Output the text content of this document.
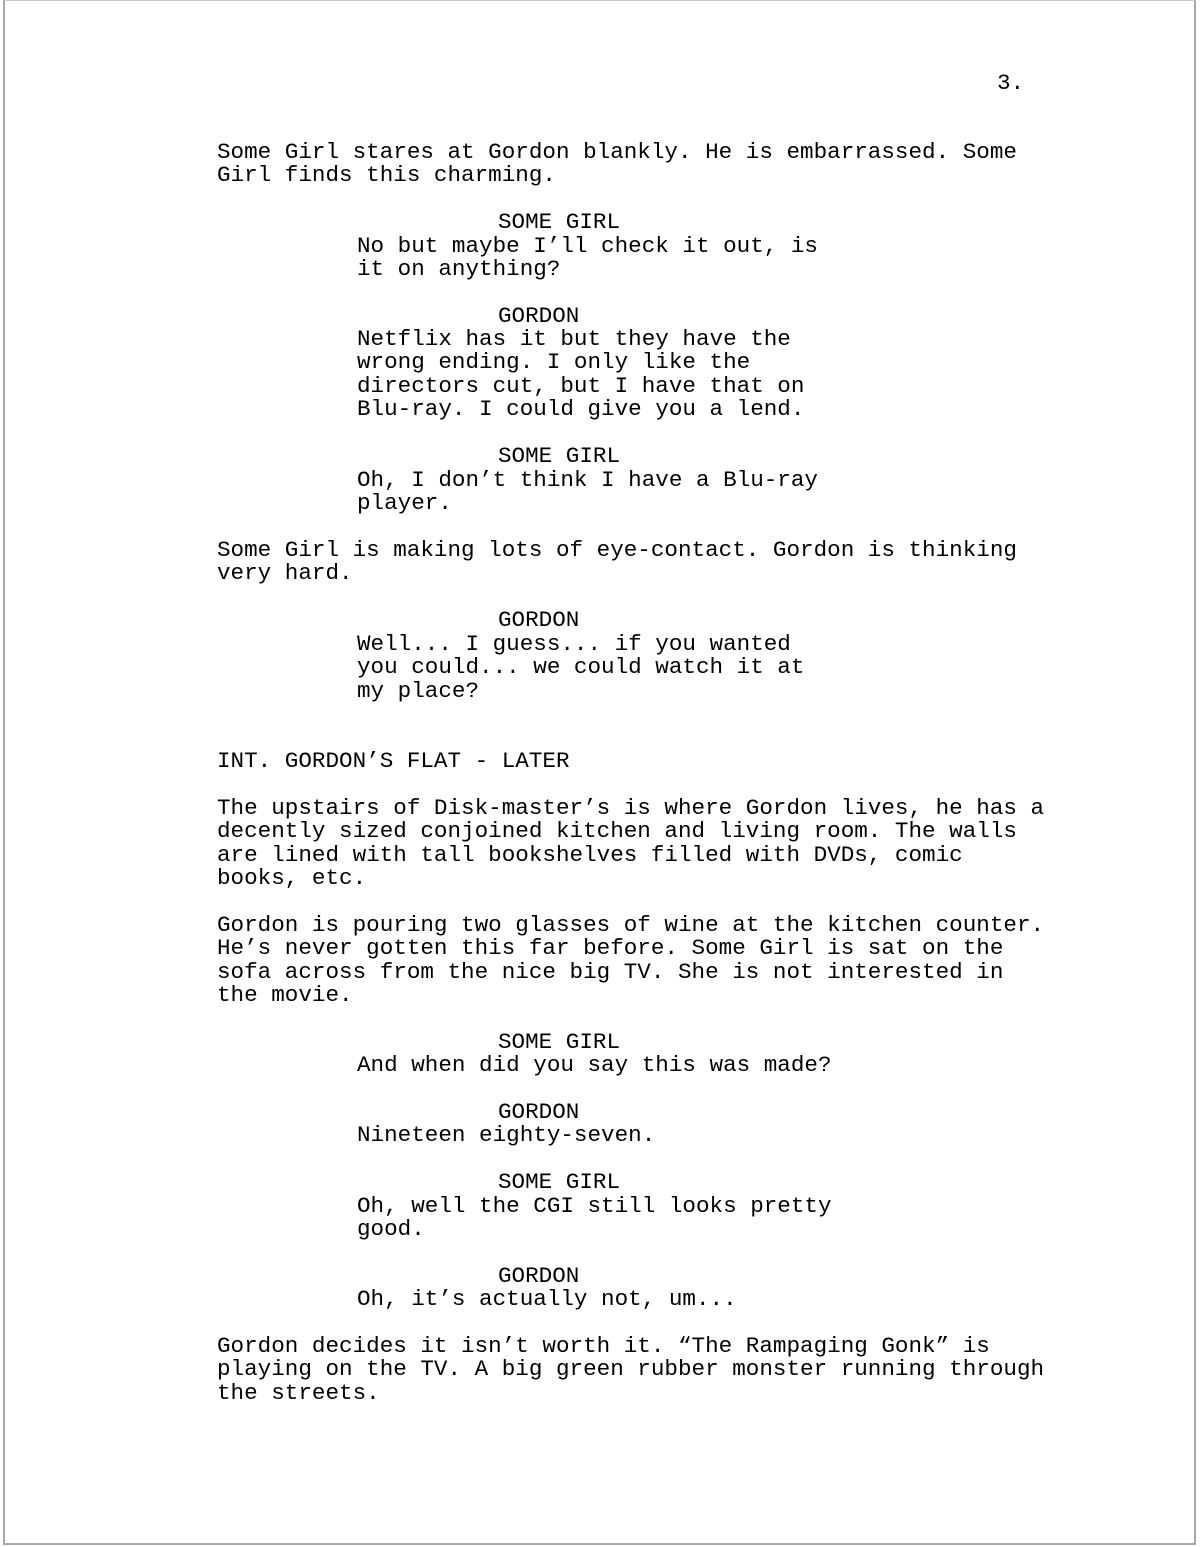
3.
Some Girl stares at Gordon blankly. He is embarrassed. Some
Girl finds this charming.
SOME GIRL
No but maybe I’ll check it out, is
it on anything?
GORDON
Netflix has it but they have the
wrong ending. I only like the
directors cut, but I have that on
Blu-ray. I could give you a lend.
SOME GIRL
Oh, I don’t think I have a Blu-ray
player.
Some Girl is making lots of eye-contact. Gordon is thinking
very hard.
GORDON
Well... I guess... if you wanted
you could... we could watch it at
my place?
INT. GORDON’S FLAT - LATER
The upstairs of Disk-master’s is where Gordon lives, he has a
decently sized conjoined kitchen and living room. The walls
are lined with tall bookshelves filled with DVDs, comic
books, etc.
Gordon is pouring two glasses of wine at the kitchen counter.
He’s never gotten this far before. Some Girl is sat on the
sofa across from the nice big TV. She is not interested in
the movie.
SOME GIRL
And when did you say this was made?
GORDON
Nineteen eighty-seven.
SOME GIRL
Oh, well the CGI still looks pretty
good.
GORDON
Oh, it’s actually not, um...
Gordon decides it isn’t worth it. “The Rampaging Gonk” is
playing on the TV. A big green rubber monster running through
the streets.
